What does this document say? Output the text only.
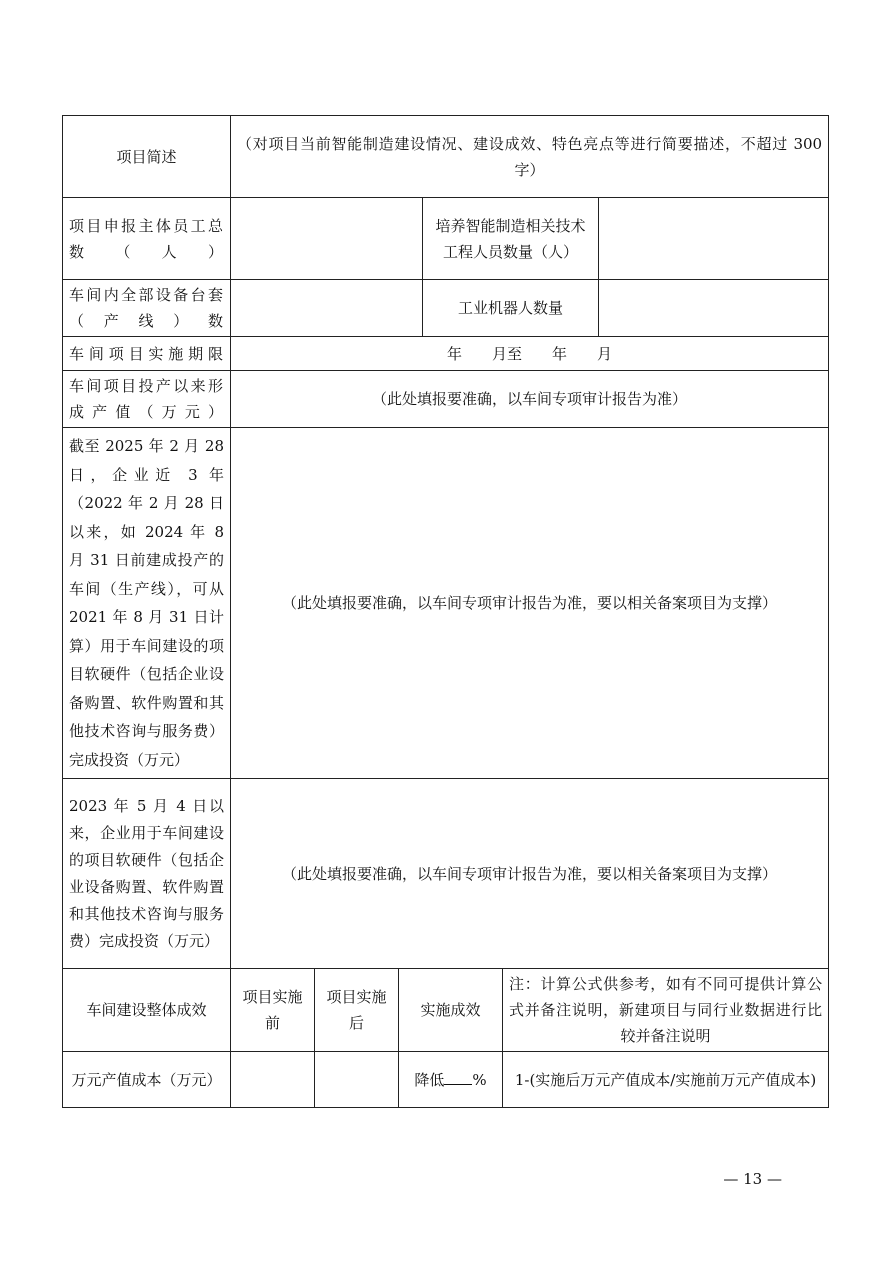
项目简述	（对项目当前智能制造建设情况、建设成效、特色亮点等进行简要描述，不超过 300 字）					
项目申报主体员工总数（人）				培养智能制造相关技术工程人员数量（人）		
车间内全部设备台套（产线）数				工业机器人数量		
车间项目实施期限	年　　月至　　年　　月					
车间项目投产以来形成产值（万元）	（此处填报要准确，以车间专项审计报告为准）					
截至 2025 年 2 月 28 日，企业近 3 年（2022 年 2 月 28 日以来，如 2024 年 8 月 31 日前建成投产的车间（生产线），可从 2021 年 8 月 31 日计算）用于车间建设的项目软硬件（包括企业设备购置、软件购置和其他技术咨询与服务费）完成投资（万元）	（此处填报要准确，以车间专项审计报告为准，要以相关备案项目为支撑）					
2023 年 5 月 4 日以来，企业用于车间建设的项目软硬件（包括企业设备购置、软件购置和其他技术咨询与服务费）完成投资（万元）	（此处填报要准确，以车间专项审计报告为准，要以相关备案项目为支撑）					
车间建设整体成效	项目实施前	项目实施后	实施成效		注：计算公式供参考，如有不同可提供计算公式并备注说明，新建项目与同行业数据进行比较并备注说明	
万元产值成本（万元）			降低 %		1-(实施后万元产值成本/实施前万元产值成本)	
— 13 —
